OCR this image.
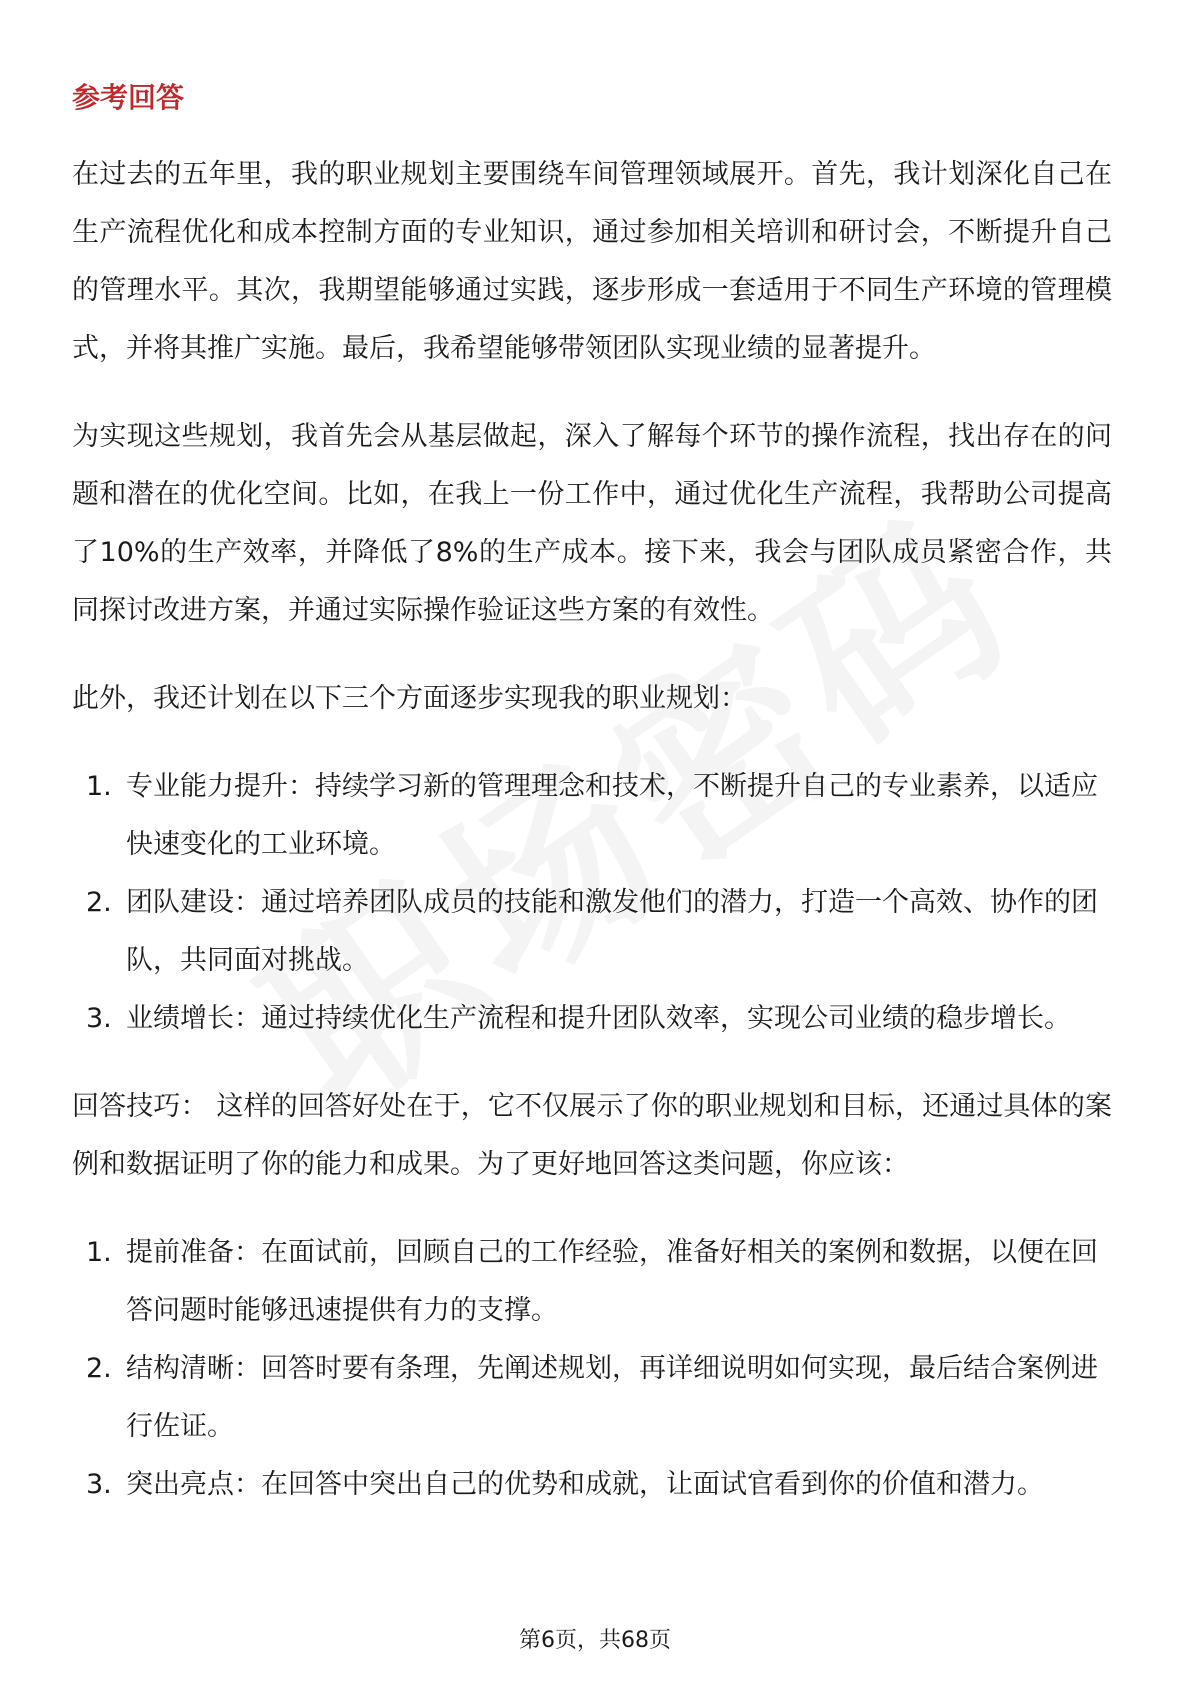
参考回答

在过去的五年里，我的职业规划主要围绕车间管理领域展开。首先，我计划深化自己在生产流程优化和成本控制方面的专业知识，通过参加相关培训和研讨会，不断提升自己的管理水平。其次，我期望能够通过实践，逐步形成一套适用于不同生产环境的管理模式，并将其推广实施。最后，我希望能够带领团队实现业绩的显著提升。

为实现这些规划，我首先会从基层做起，深入了解每个环节的操作流程，找出存在的问题和潜在的优化空间。比如，在我上一份工作中，通过优化生产流程，我帮助公司提高了10%的生产效率，并降低了8%的生产成本。接下来，我会与团队成员紧密合作，共同探讨改进方案，并通过实际操作验证这些方案的有效性。

此外，我还计划在以下三个方面逐步实现我的职业规划：

1. 专业能力提升：持续学习新的管理理念和技术，不断提升自己的专业素养，以适应快速变化的工业环境。
2. 团队建设：通过培养团队成员的技能和激发他们的潜力，打造一个高效、协作的团队，共同面对挑战。
3. 业绩增长：通过持续优化生产流程和提升团队效率，实现公司业绩的稳步增长。

回答技巧： 这样的回答好处在于，它不仅展示了你的职业规划和目标，还通过具体的案例和数据证明了你的能力和成果。为了更好地回答这类问题，你应该：

1. 提前准备：在面试前，回顾自己的工作经验，准备好相关的案例和数据，以便在回答问题时能够迅速提供有力的支撑。
2. 结构清晰：回答时要有条理，先阐述规划，再详细说明如何实现，最后结合案例进行佐证。
3. 突出亮点：在回答中突出自己的优势和成就，让面试官看到你的价值和潜力。
第6页，共68页
